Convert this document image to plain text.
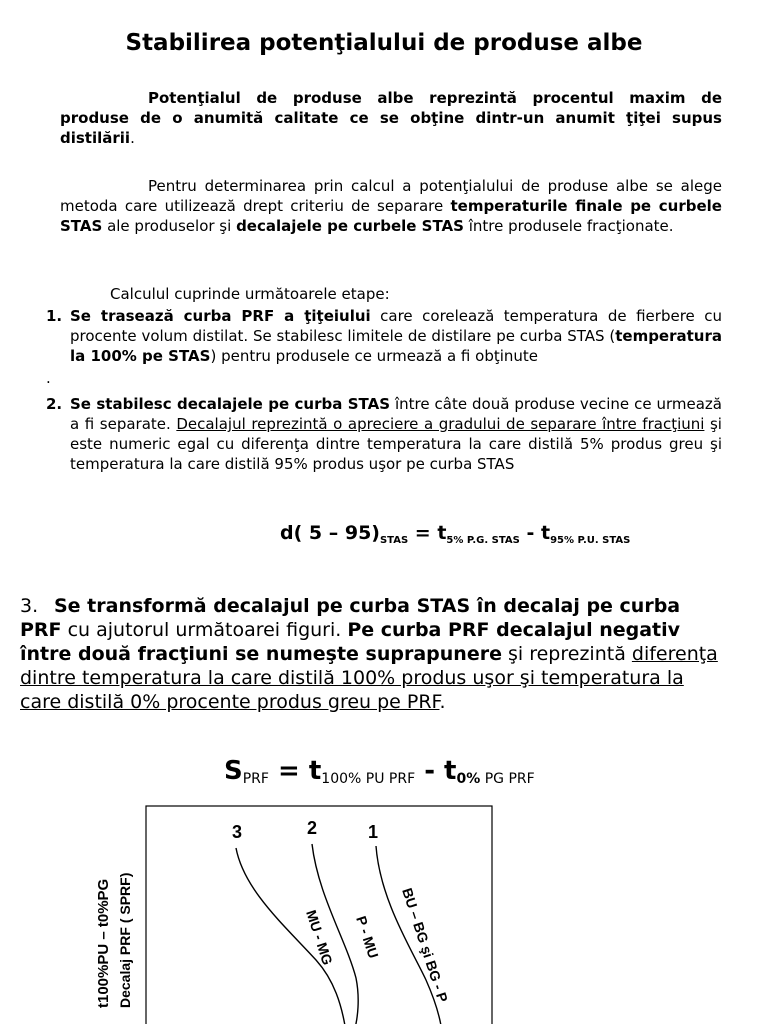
Stabilirea potenţialului de produse albe
Potenţialul de produse albe reprezintă procentul maxim de produse de o anumită calitate ce se obţine dintr-un anumit ţiţei supus distilării.
Pentru determinarea prin calcul a potenţialului de produse albe se alege metoda care utilizează drept criteriu de separare temperaturile finale pe curbele STAS ale produselor şi decalajele pe curbele STAS între produsele fracţionate.
Calculul cuprinde următoarele etape:
1. Se trasează curba PRF a ţiţeiului care corelează temperatura de fierbere cu procente volum distilat. Se stabilesc limitele de distilare pe curba STAS (temperatura la 100% pe STAS) pentru produsele ce urmează a fi obţinute
.
2. Se stabilesc decalajele pe curba STAS între câte două produse vecine ce urmează a fi separate. Decalajul reprezintă o apreciere a gradului de separare între fracţiuni şi este numeric egal cu diferenţa dintre temperatura la care distilă 5% produs greu şi temperatura la care distilă 95% produs uşor pe curba STAS
d( $5 - 95)_{STAS} = t_{5\% P.G. STAS} - t_{95\% P.U. STAS}$
3. Se transformă decalajul pe curba STAS în decalaj pe curba PRF cu ajutorul următoarei figuri. Pe curba PRF decalajul negativ între două fracţiuni se numeşte suprapunere şi reprezintă diferenţa dintre temperatura la care distilă 100% produs uşor şi temperatura la care distilă 0% procente produs greu pe PRF.
$S_{PRF} = t_{100\% PU PRF} - t_{0\% PG PRF}$
t100%PU – t0%PG Decalaj PRF ( SPRF)
3	2	1
MU - MG P - MU BU – BG şi BG - P
